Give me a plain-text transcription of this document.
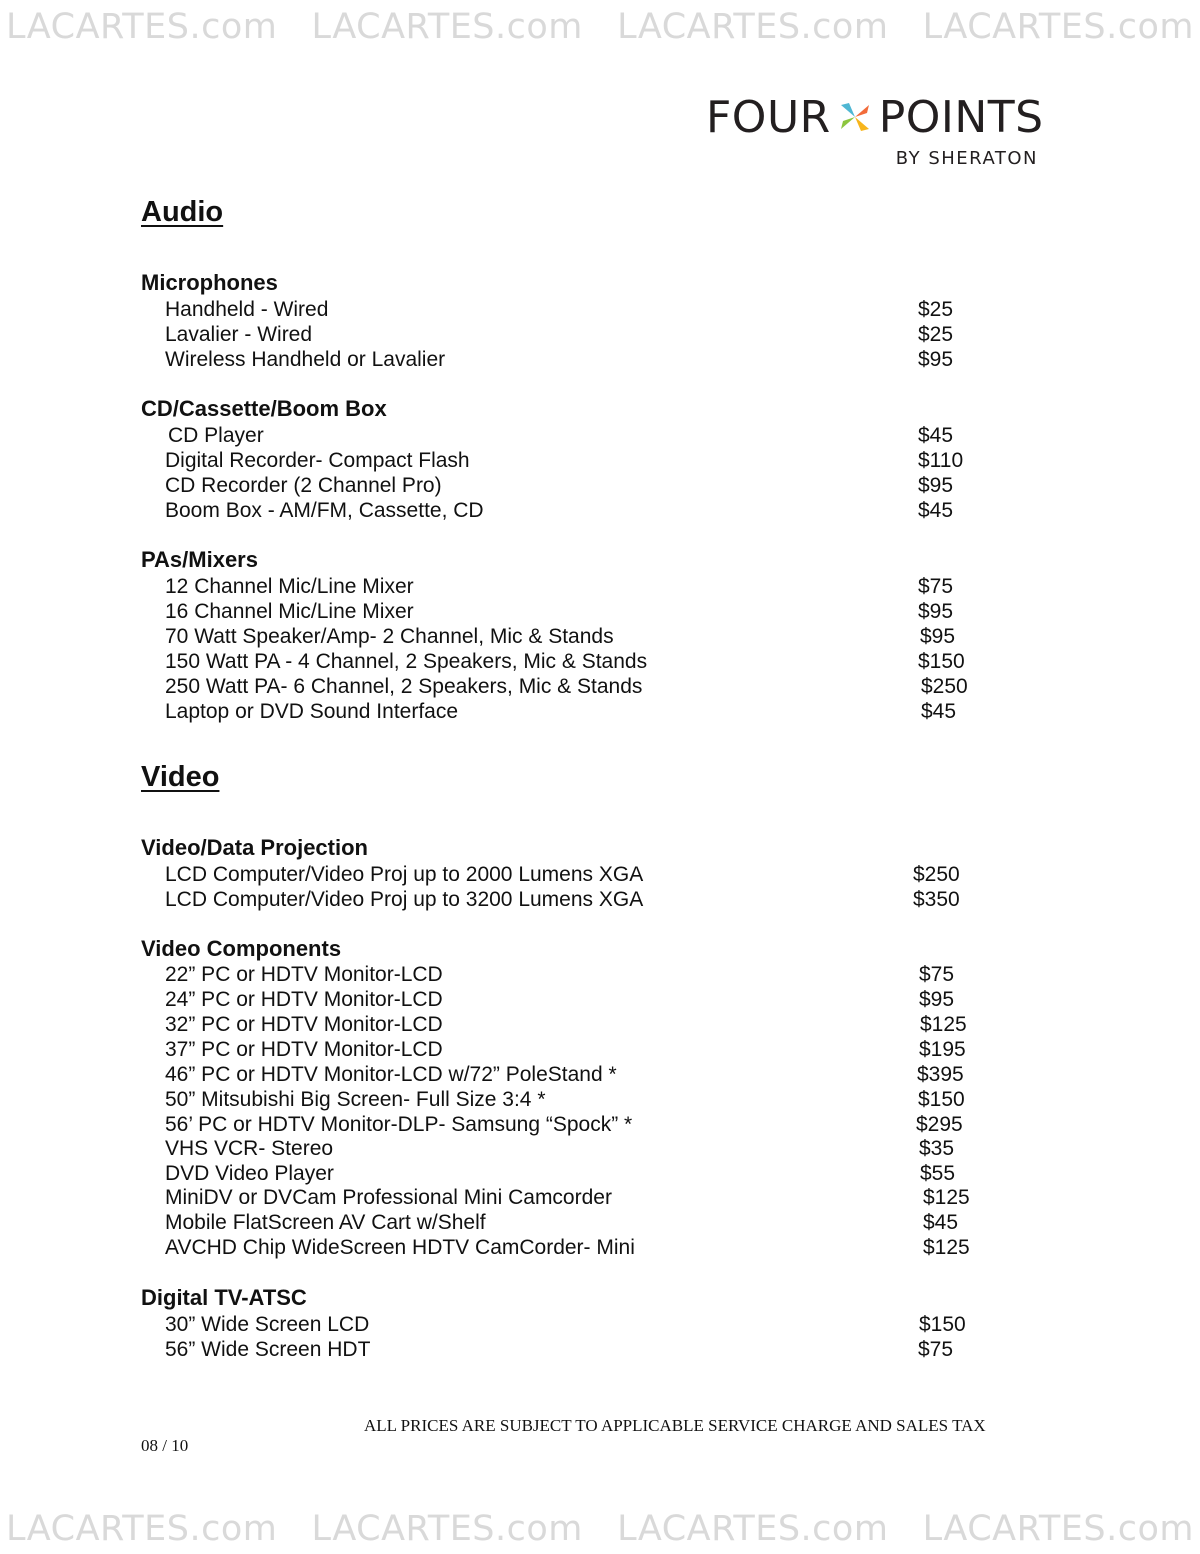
LACARTES.com LACARTES.com LACARTES.com LACARTES.com
LACARTES.com LACARTES.com LACARTES.com LACARTES.com
FOUR POINTS
BY SHERATON
Audio
Microphones
Handheld - Wired	$25
Lavalier - Wired	$25
Wireless Handheld or Lavalier	$95
CD/Cassette/Boom Box
CD Player	$45
Digital Recorder- Compact Flash	$110
CD Recorder (2 Channel Pro)	$95
Boom Box - AM/FM, Cassette, CD	$45
PAs/Mixers
12 Channel Mic/Line Mixer	$75
16 Channel Mic/Line Mixer	$95
70 Watt Speaker/Amp- 2 Channel, Mic & Stands	$95
150 Watt PA - 4 Channel, 2 Speakers, Mic & Stands	$150
250 Watt PA- 6 Channel, 2 Speakers, Mic & Stands	$250
Laptop or DVD Sound Interface	$45
Video
Video/Data Projection
LCD Computer/Video Proj up to 2000 Lumens XGA	$250
LCD Computer/Video Proj up to 3200 Lumens XGA	$350
Video Components
22” PC or HDTV Monitor-LCD	$75
24” PC or HDTV Monitor-LCD	$95
32” PC or HDTV Monitor-LCD	$125
37” PC or HDTV Monitor-LCD	$195
46” PC or HDTV Monitor-LCD w/72” PoleStand *	$395
50” Mitsubishi Big Screen- Full Size 3:4 *	$150
56’ PC or HDTV Monitor-DLP- Samsung “Spock” *	$295
VHS VCR- Stereo	$35
DVD Video Player	$55
MiniDV or DVCam Professional Mini Camcorder	$125
Mobile FlatScreen AV Cart w/Shelf	$45
AVCHD Chip WideScreen HDTV CamCorder- Mini	$125
Digital TV-ATSC
30” Wide Screen LCD	$150
56” Wide Screen HDT	$75
ALL PRICES ARE SUBJECT TO APPLICABLE SERVICE CHARGE AND SALES TAX
08 / 10
